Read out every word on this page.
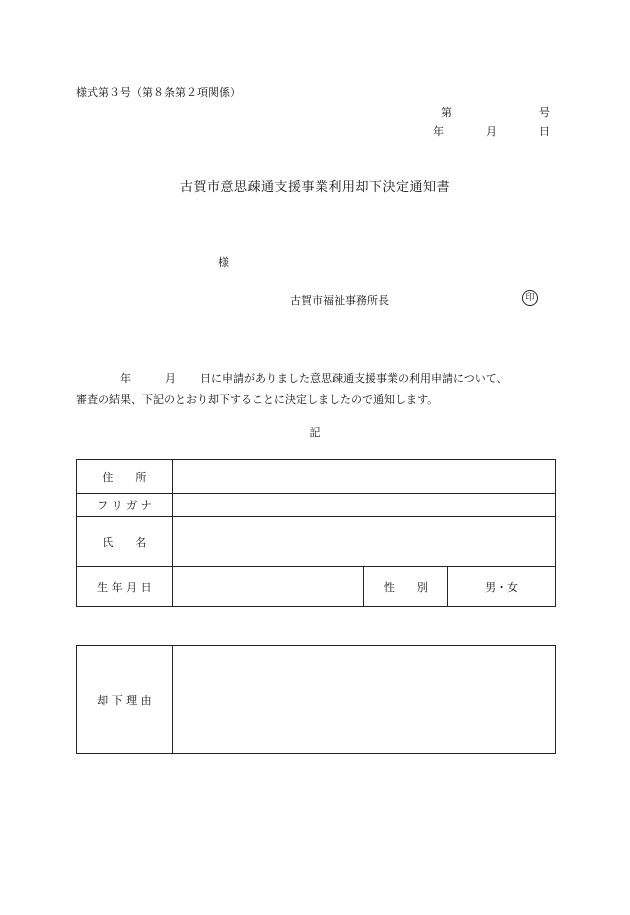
様式第３号（第８条第２項関係）
第	号
年	月	日
古賀市意思疎通支援事業利用却下決定通知書
様
古賀市福祉事務所長	印
年	月 日に申請がありました意思疎通支援事業の利用申請について、
審査の結果、下記のとおり却下することに決定しましたので通知します。
記
住　　所			
フ リ ガ ナ			
氏　　名			
生 年 月 日		性　　別	男・女
却 下 理 由	
